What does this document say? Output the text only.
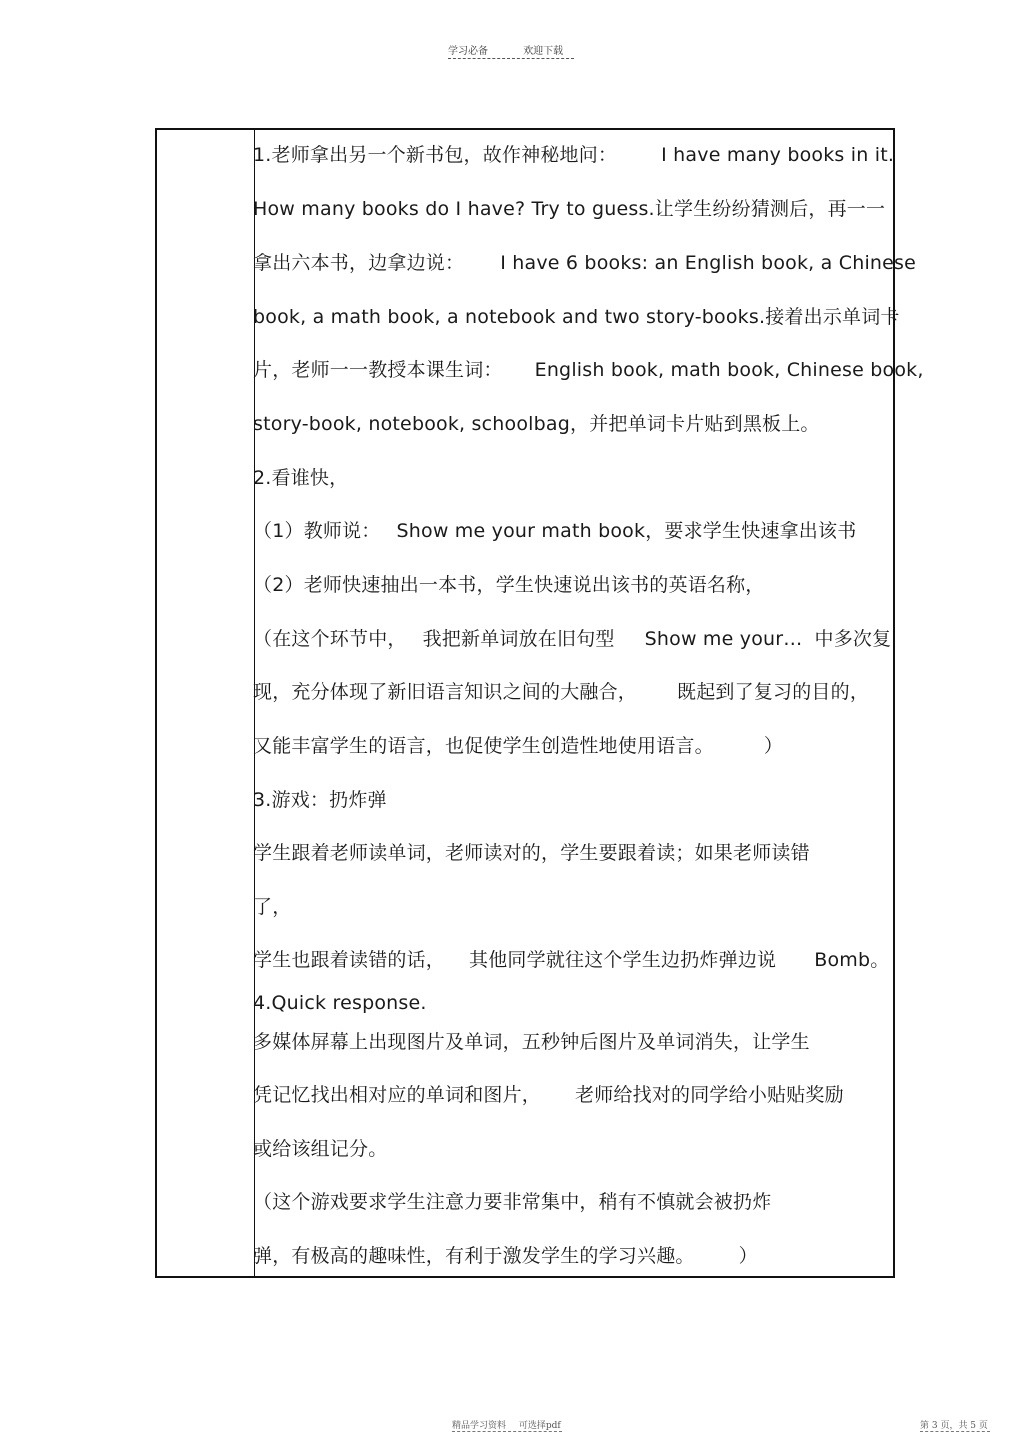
学习必备	欢迎下载
1.老师拿出另一个新书包，故作神秘地问： I have many books in it.
How many books do I have? Try to guess.让学生纷纷猜测后，再一一
拿出六本书，边拿边说： I have 6 books: an English book, a Chinese
book, a math book, a notebook and two story-books.接着出示单词卡
片，老师一一教授本课生词： English book, math book, Chinese book,
story-book, notebook, schoolbag，并把单词卡片贴到黑板上。
2.看谁快，
（1）教师说： Show me your math book，要求学生快速拿出该书
（2）老师快速抽出一本书，学生快速说出该书的英语名称，
（在这个环节中， 我把新单词放在旧句型 Show me your… 中多次复
现，充分体现了新旧语言知识之间的大融合， 既起到了复习的目的，
又能丰富学生的语言，也促使学生创造性地使用语言。	）
3.游戏：扔炸弹
学生跟着老师读单词，老师读对的，学生要跟着读；如果老师读错
了，
学生也跟着读错的话， 其他同学就往这个学生边扔炸弹边说 Bomb。
4.Quick response.
多媒体屏幕上出现图片及单词，五秒钟后图片及单词消失，让学生
凭记忆找出相对应的单词和图片， 老师给找对的同学给小贴贴奖励
或给该组记分。
（这个游戏要求学生注意力要非常集中，稍有不慎就会被扔炸
弹，有极高的趣味性，有利于激发学生的学习兴趣。 ）
精品学习资料 可选择pdf	第 3 页，共 5 页
